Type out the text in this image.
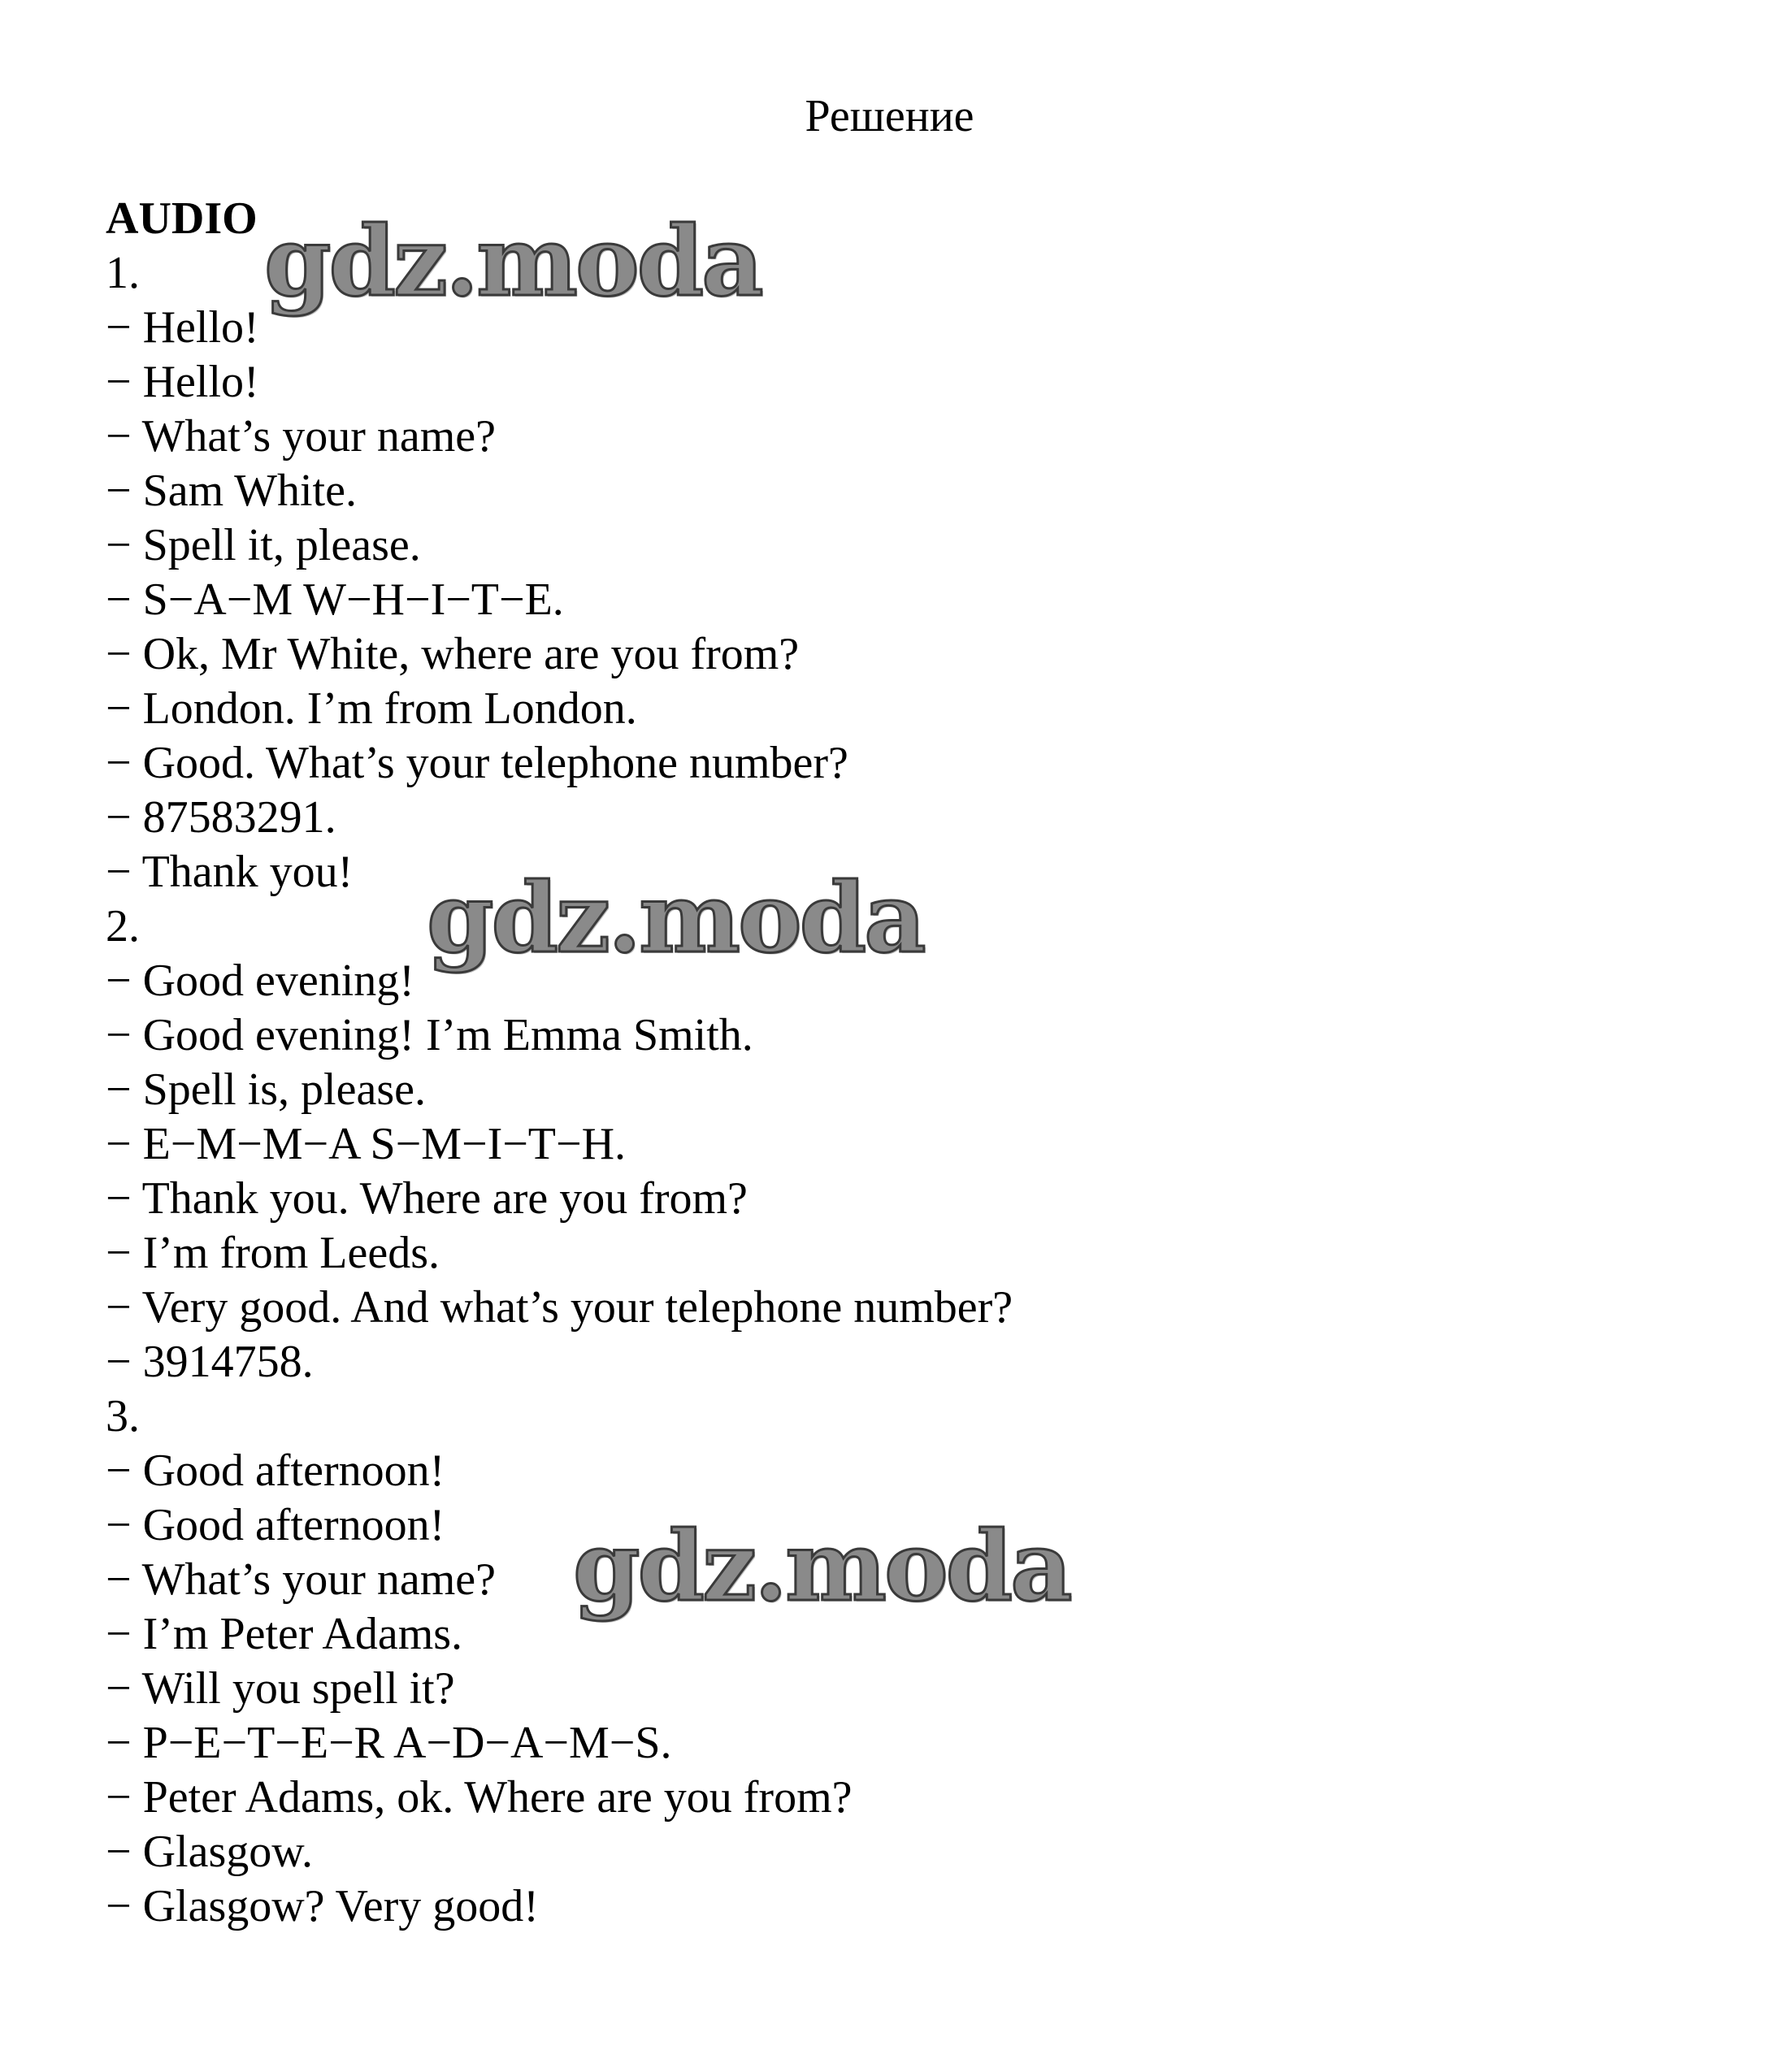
Решение
AUDIO
1.
− Hello!
− Hello!
− What’s your name?
− Sam White.
− Spell it, please.
− S−A−M W−H−I−T−E.
− Ok, Mr White, where are you from?
− London. I’m from London.
− Good. What’s your telephone number?
− 87583291.
− Thank you!
2.
− Good evening!
− Good evening! I’m Emma Smith.
− Spell is, please.
− E−M−M−A S−M−I−T−H.
− Thank you. Where are you from?
− I’m from Leeds.
− Very good. And what’s your telephone number?
− 3914758.
3.
− Good afternoon!
− Good afternoon!
− What’s your name?
− I’m Peter Adams.
− Will you spell it?
− P−E−T−E−R A−D−A−M−S.
− Peter Adams, ok. Where are you from?
− Glasgow.
− Glasgow? Very good!
gdz.moda
gdz.moda
gdz.moda
